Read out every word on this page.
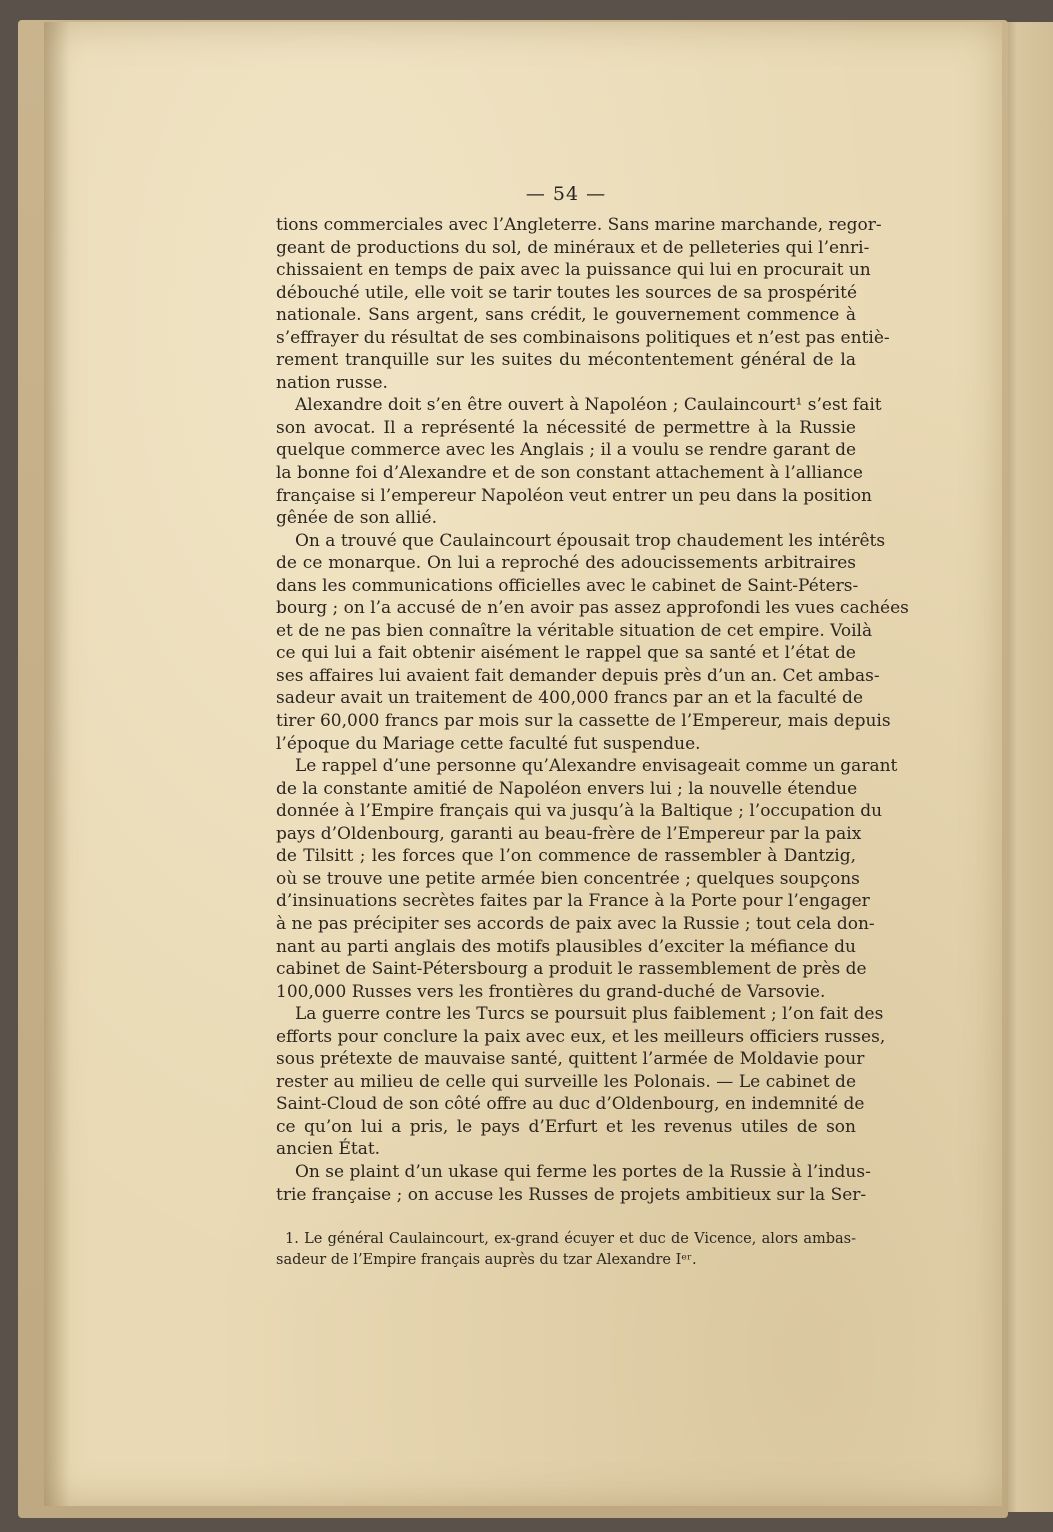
— 54 —
tions commerciales avec l’Angleterre. Sans marine marchande, regor-
geant de productions du sol, de minéraux et de pelleteries qui l’enri-
chissaient en temps de paix avec la puissance qui lui en procurait un
débouché utile, elle voit se tarir toutes les sources de sa prospérité
nationale. Sans argent, sans crédit, le gouvernement commence à
s’effrayer du résultat de ses combinaisons politiques et n’est pas entiè-
rement tranquille sur les suites du mécontentement général de la
nation russe.
Alexandre doit s’en être ouvert à Napoléon ; Caulaincourt¹ s’est fait
son avocat. Il a représenté la nécessité de permettre à la Russie
quelque commerce avec les Anglais ; il a voulu se rendre garant de
la bonne foi d’Alexandre et de son constant attachement à l’alliance
française si l’empereur Napoléon veut entrer un peu dans la position
gênée de son allié.
On a trouvé que Caulaincourt épousait trop chaudement les intérêts
de ce monarque. On lui a reproché des adoucissements arbitraires
dans les communications officielles avec le cabinet de Saint-Péters-
bourg ; on l’a accusé de n’en avoir pas assez approfondi les vues cachées
et de ne pas bien connaître la véritable situation de cet empire. Voilà
ce qui lui a fait obtenir aisément le rappel que sa santé et l’état de
ses affaires lui avaient fait demander depuis près d’un an. Cet ambas-
sadeur avait un traitement de 400,000 francs par an et la faculté de
tirer 60,000 francs par mois sur la cassette de l’Empereur, mais depuis
l’époque du Mariage cette faculté fut suspendue.
Le rappel d’une personne qu’Alexandre envisageait comme un garant
de la constante amitié de Napoléon envers lui ; la nouvelle étendue
donnée à l’Empire français qui va jusqu’à la Baltique ; l’occupation du
pays d’Oldenbourg, garanti au beau-frère de l’Empereur par la paix
de Tilsitt ; les forces que l’on commence de rassembler à Dantzig,
où se trouve une petite armée bien concentrée ; quelques soupçons
d’insinuations secrètes faites par la France à la Porte pour l’engager
à ne pas précipiter ses accords de paix avec la Russie ; tout cela don-
nant au parti anglais des motifs plausibles d’exciter la méfiance du
cabinet de Saint-Pétersbourg a produit le rassemblement de près de
100,000 Russes vers les frontières du grand-duché de Varsovie.
La guerre contre les Turcs se poursuit plus faiblement ; l’on fait des
efforts pour conclure la paix avec eux, et les meilleurs officiers russes,
sous prétexte de mauvaise santé, quittent l’armée de Moldavie pour
rester au milieu de celle qui surveille les Polonais. — Le cabinet de
Saint-Cloud de son côté offre au duc d’Oldenbourg, en indemnité de
ce qu’on lui a pris, le pays d’Erfurt et les revenus utiles de son
ancien État.
On se plaint d’un ukase qui ferme les portes de la Russie à l’indus-
trie française ; on accuse les Russes de projets ambitieux sur la Ser-
1. Le général Caulaincourt, ex-grand écuyer et duc de Vicence, alors ambas-
sadeur de l’Empire français auprès du tzar Alexandre Iᵉʳ.
